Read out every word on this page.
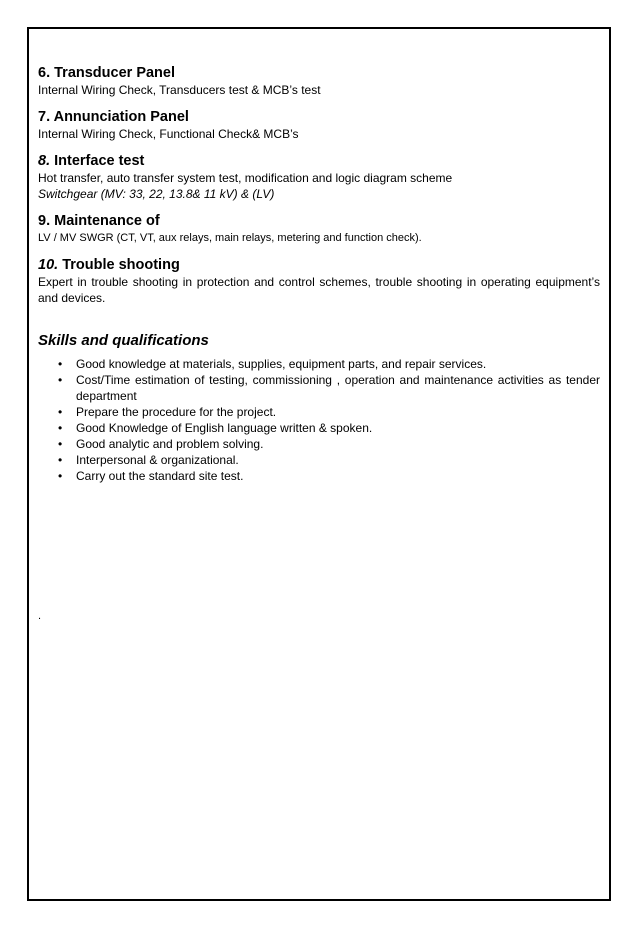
6. Transducer Panel

Internal Wiring Check, Transducers test & MCB’s test

7. Annunciation Panel

Internal Wiring Check, Functional Check& MCB’s

8. Interface test

Hot transfer, auto transfer system test, modification and logic diagram scheme

Switchgear (MV: 33, 22, 13.8& 11 kV) & (LV)

9. Maintenance of

LV / MV SWGR (CT, VT, aux relays, main relays, metering and function check).

10. Trouble shooting

Expert in trouble shooting in protection and control schemes, trouble shooting in operating equipment’s and devices.

Skills and qualifications

• Good knowledge at materials, supplies, equipment parts, and repair services.
• Cost/Time estimation of testing, commissioning , operation and maintenance activities as tender department
• Prepare the procedure for the project.
• Good Knowledge of English language written & spoken.
• Good analytic and problem solving.
• Interpersonal & organizational.
• Carry out the standard site test.
.
